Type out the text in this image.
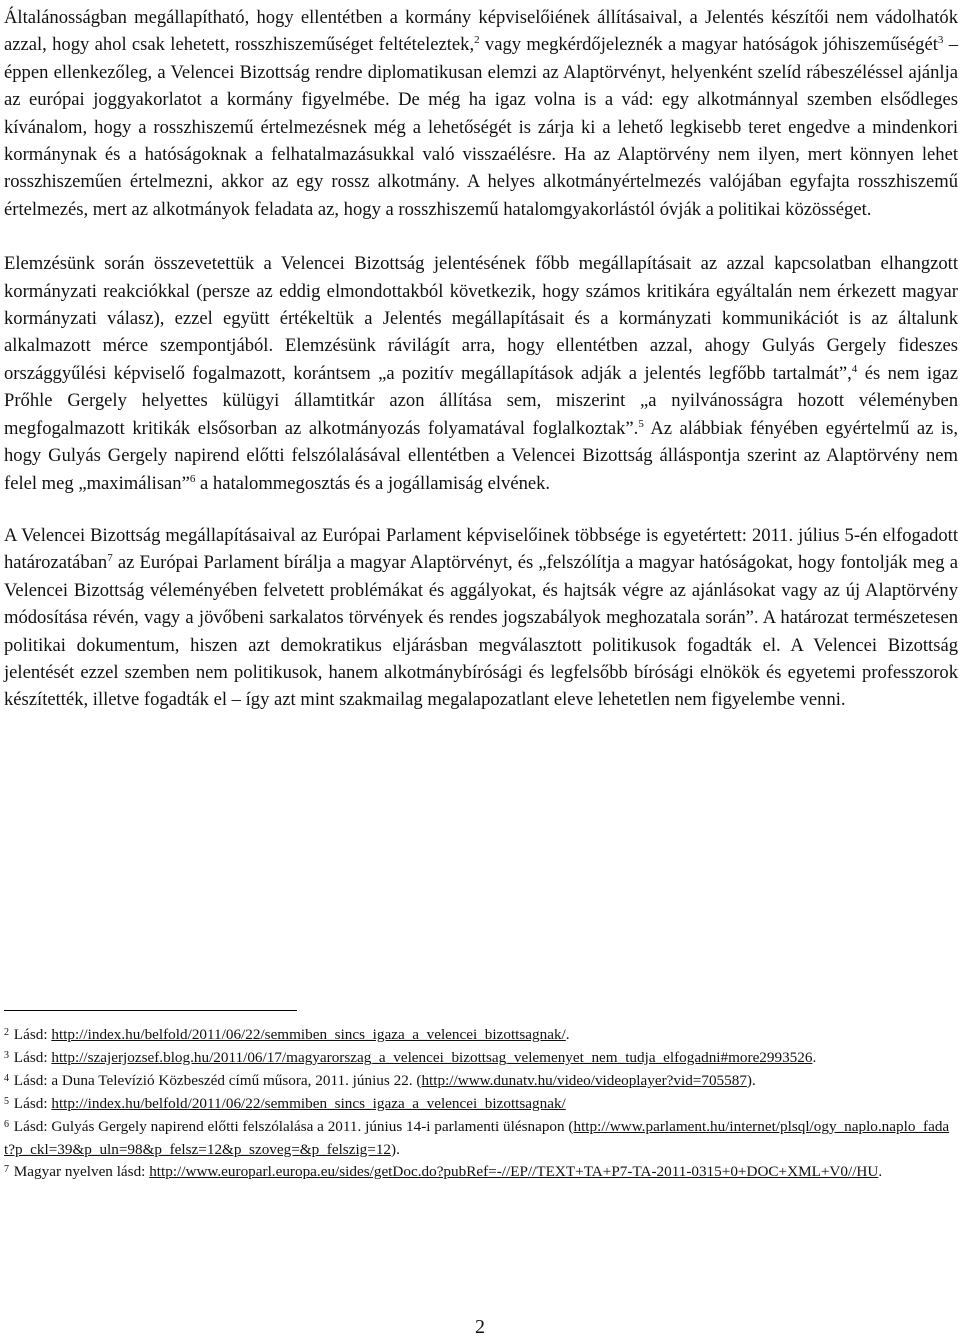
Általánosságban megállapítható, hogy ellentétben a kormány képviselőiének állításaival, a Jelentés készítői nem vádolhatók azzal, hogy ahol csak lehetett, rosszhiszeműséget feltételeztek,$^2$ vagy megkérdőjeleznék a magyar hatóságok jóhiszeműségét$^3$ – éppen ellenkezőleg, a Velencei Bizottság rendre diplomatikusan elemzi az Alaptörvényt, helyenként szelíd rábeszéléssel ajánlja az európai joggyakorlatot a kormány figyelmébe. De még ha igaz volna is a vád: egy alkotmánnyal szemben elsődleges kívánalom, hogy a rosszhiszemű értelmezésnek még a lehetőségét is zárja ki a lehető legkisebb teret engedve a mindenkori kormánynak és a hatóságoknak a felhatalmazásukkal való visszaélésre. Ha az Alaptörvény nem ilyen, mert könnyen lehet rosszhiszeműen értelmezni, akkor az egy rossz alkotmány. A helyes alkotmányértelmezés valójában egyfajta rosszhiszemű értelmezés, mert az alkotmányok feladata az, hogy a rosszhiszemű hatalomgyakorlástól óvják a politikai közösséget.

Elemzésünk során összevetettük a Velencei Bizottság jelentésének főbb megállapításait az azzal kapcsolatban elhangzott kormányzati reakciókkal (persze az eddig elmondottakból következik, hogy számos kritikára egyáltalán nem érkezett magyar kormányzati válasz), ezzel együtt értékeltük a Jelentés megállapításait és a kormányzati kommunikációt is az általunk alkalmazott mérce szempontjából. Elemzésünk rávilágít arra, hogy ellentétben azzal, ahogy Gulyás Gergely fideszes országgyűlési képviselő fogalmazott, korántsem „a pozitív megállapítások adják a jelentés legfőbb tartalmát”,$^4$ és nem igaz Prőhle Gergely helyettes külügyi államtitkár azon állítása sem, miszerint „a nyilvánosságra hozott véleményben megfogalmazott kritikák elsősorban az alkotmányozás folyamatával foglalkoztak”.$^5$ Az alábbiak fényében egyértelmű az is, hogy Gulyás Gergely napirend előtti felszólalásával ellentétben a Velencei Bizottság álláspontja szerint az Alaptörvény nem felel meg „maximálisan”$^6$ a hatalommegosztás és a jogállamiság elvének.

A Velencei Bizottság megállapításaival az Európai Parlament képviselőinek többsége is egyetértett: 2011. július 5-én elfogadott határozatában$^7$ az Európai Parlament bírálja a magyar Alaptörvényt, és „felszólítja a magyar hatóságokat, hogy fontolják meg a Velencei Bizottság véleményében felvetett problémákat és aggályokat, és hajtsák végre az ajánlásokat vagy az új Alaptörvény módosítása révén, vagy a jövőbeni sarkalatos törvények és rendes jogszabályok meghozatala során”. A határozat természetesen politikai dokumentum, hiszen azt demokratikus eljárásban megválasztott politikusok fogadták el. A Velencei Bizottság jelentését ezzel szemben nem politikusok, hanem alkotmánybírósági és legfelsőbb bírósági elnökök és egyetemi professzorok készítették, illetve fogadták el – így azt mint szakmailag megalapozatlant eleve lehetetlen nem figyelembe venni.

$^2$ Lásd: http://index.hu/belfold/2011/06/22/semmiben_sincs_igaza_a_velencei_bizottsagnak/.

$^3$ Lásd: http://szajerjozsef.blog.hu/2011/06/17/magyarorszag_a_velencei_bizottsag_velemenyet_nem_tudja_elfogadni#more2993526.

$^4$ Lásd: a Duna Televízió Közbeszéd című műsora, 2011. június 22. (http://www.dunatv.hu/video/videoplayer?vid=705587).

$^5$ Lásd: http://index.hu/belfold/2011/06/22/semmiben_sincs_igaza_a_velencei_bizottsagnak/

$^6$ Lásd: Gulyás Gergely napirend előtti felszólalása a 2011. június 14-i parlamenti ülésnapon (http://www.parlament.hu/internet/plsql/ogy_naplo.naplo_fadat?p_ckl=39&p_uln=98&p_felsz=12&p_szoveg=&p_felszig=12).

$^7$ Magyar nyelven lásd: http://www.europarl.europa.eu/sides/getDoc.do?pubRef=-//EP//TEXT+TA+P7-TA-2011-0315+0+DOC+XML+V0//HU.

2
